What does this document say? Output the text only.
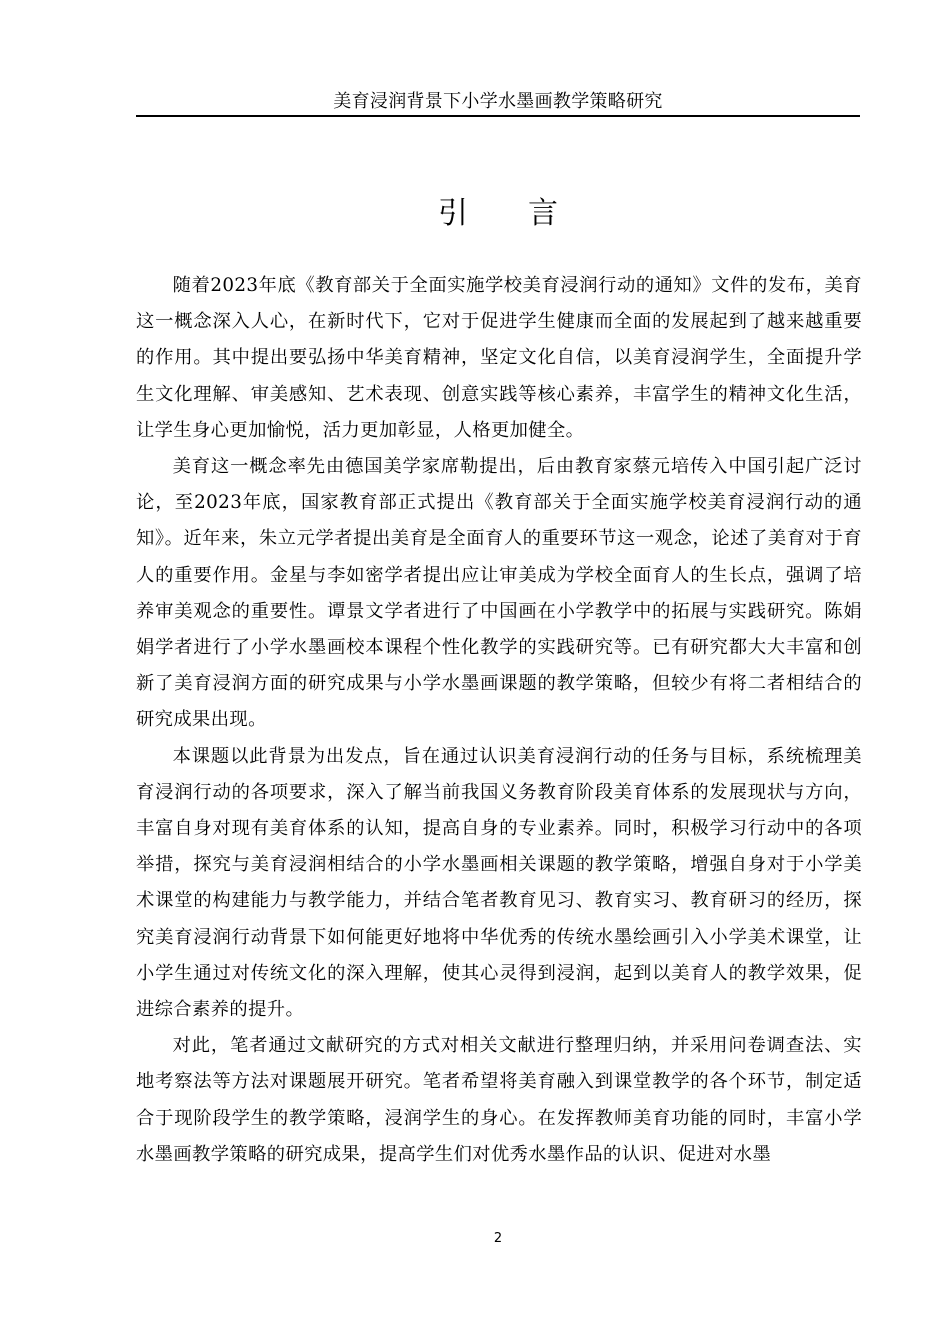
美育浸润背景下小学水墨画教学策略研究
引 言

随着2023年底《教育部关于全面实施学校美育浸润行动的通知》文件的发布，美育这一概念深入人心，在新时代下，它对于促进学生健康而全面的发展起到了越来越重要的作用。其中提出要弘扬中华美育精神，坚定文化自信，以美育浸润学生，全面提升学生文化理解、审美感知、艺术表现、创意实践等核心素养，丰富学生的精神文化生活，让学生身心更加愉悦，活力更加彰显，人格更加健全。

美育这一概念率先由德国美学家席勒提出，后由教育家蔡元培传入中国引起广泛讨论，至2023年底，国家教育部正式提出《教育部关于全面实施学校美育浸润行动的通知》。近年来，朱立元学者提出美育是全面育人的重要环节这一观念，论述了美育对于育人的重要作用。金星与李如密学者提出应让审美成为学校全面育人的生长点，强调了培养审美观念的重要性。谭景文学者进行了中国画在小学教学中的拓展与实践研究。陈娟娟学者进行了小学水墨画校本课程个性化教学的实践研究等。已有研究都大大丰富和创新了美育浸润方面的研究成果与小学水墨画课题的教学策略，但较少有将二者相结合的研究成果出现。

本课题以此背景为出发点，旨在通过认识美育浸润行动的任务与目标，系统梳理美育浸润行动的各项要求，深入了解当前我国义务教育阶段美育体系的发展现状与方向，丰富自身对现有美育体系的认知，提高自身的专业素养。同时，积极学习行动中的各项举措，探究与美育浸润相结合的小学水墨画相关课题的教学策略，增强自身对于小学美术课堂的构建能力与教学能力，并结合笔者教育见习、教育实习、教育研习的经历，探究美育浸润行动背景下如何能更好地将中华优秀的传统水墨绘画引入小学美术课堂，让小学生通过对传统文化的深入理解，使其心灵得到浸润，起到以美育人的教学效果，促进综合素养的提升。

对此，笔者通过文献研究的方式对相关文献进行整理归纳，并采用问卷调查法、实地考察法等方法对课题展开研究。笔者希望将美育融入到课堂教学的各个环节，制定适合于现阶段学生的教学策略，浸润学生的身心。在发挥教师美育功能的同时，丰富小学水墨画教学策略的研究成果，提高学生们对优秀水墨作品的认识、促进对水墨

2
